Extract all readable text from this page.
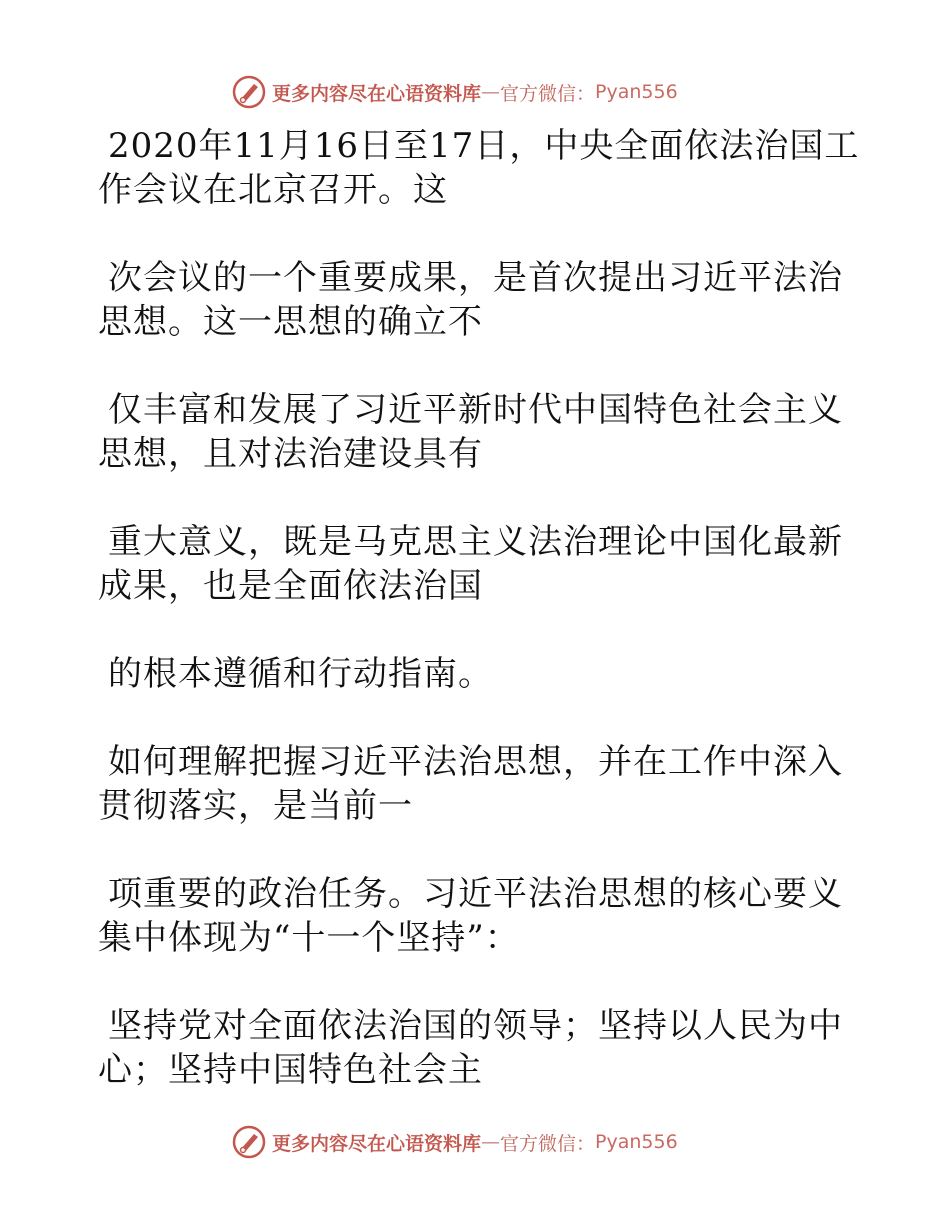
更多内容尽在心语资料库 — 官方微信： Pyan556

2020年11月16日至17日，中央全面依法治国工
作会议在北京召开。这

次会议的一个重要成果，是首次提出习近平法治
思想。这一思想的确立不

仅丰富和发展了习近平新时代中国特色社会主义
思想，且对法治建设具有

重大意义，既是马克思主义法治理论中国化最新
成果，也是全面依法治国

的根本遵循和行动指南。

如何理解把握习近平法治思想，并在工作中深入
贯彻落实，是当前一

项重要的政治任务。习近平法治思想的核心要义
集中体现为“十一个坚持”：

坚持党对全面依法治国的领导；坚持以人民为中
心；坚持中国特色社会主

更多内容尽在心语资料库 — 官方微信： Pyan556
